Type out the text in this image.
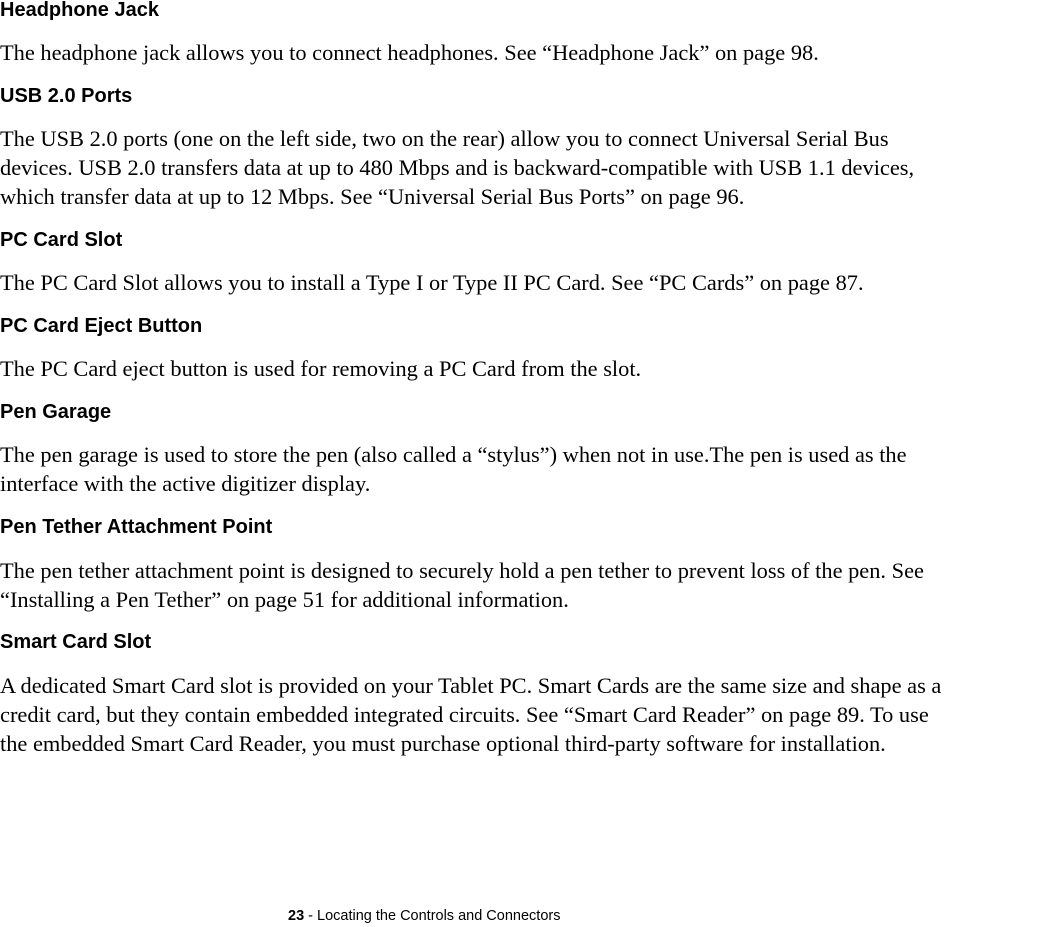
Headphone Jack

The headphone jack allows you to connect headphones. See “Headphone Jack” on page 98.

USB 2.0 Ports

The USB 2.0 ports (one on the left side, two on the rear) allow you to connect Universal Serial Bus
devices. USB 2.0 transfers data at up to 480 Mbps and is backward-compatible with USB 1.1 devices,
which transfer data at up to 12 Mbps. See “Universal Serial Bus Ports” on page 96.

PC Card Slot

The PC Card Slot allows you to install a Type I or Type II PC Card. See “PC Cards” on page 87.

PC Card Eject Button

The PC Card eject button is used for removing a PC Card from the slot.

Pen Garage

The pen garage is used to store the pen (also called a “stylus”) when not in use.The pen is used as the
interface with the active digitizer display.

Pen Tether Attachment Point

The pen tether attachment point is designed to securely hold a pen tether to prevent loss of the pen. See
“Installing a Pen Tether” on page 51 for additional information.

Smart Card Slot

A dedicated Smart Card slot is provided on your Tablet PC. Smart Cards are the same size and shape as a
credit card, but they contain embedded integrated circuits. See “Smart Card Reader” on page 89. To use
the embedded Smart Card Reader, you must purchase optional third-party software for installation.

23 - Locating the Controls and Connectors
